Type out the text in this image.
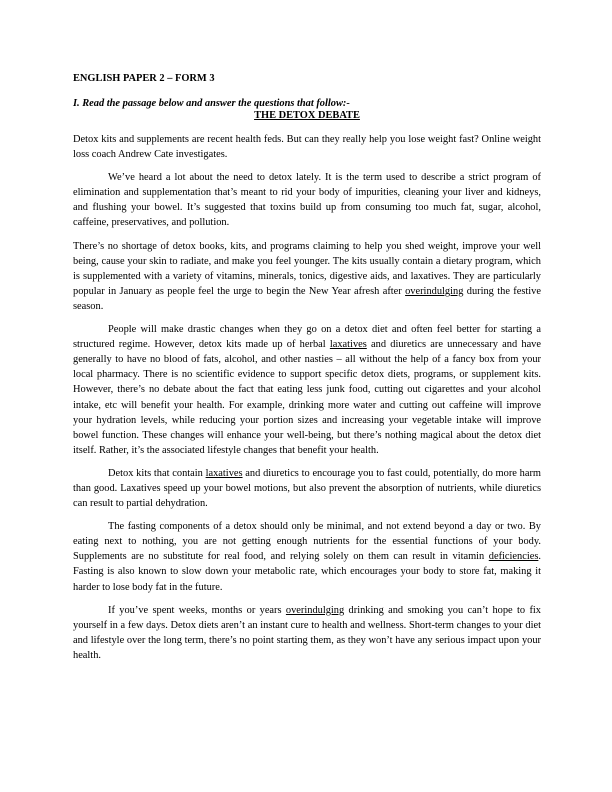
ENGLISH PAPER 2 – FORM 3

I. Read the passage below and answer the questions that follow:-

THE DETOX DEBATE

Detox kits and supplements are recent health feds. But can they really help you lose weight fast? Online weight loss coach Andrew Cate investigates.

We’ve heard a lot about the need to detox lately. It is the term used to describe a strict program of elimination and supplementation that’s meant to rid your body of impurities, cleaning your liver and kidneys, and flushing your bowel. It’s suggested that toxins build up from consuming too much fat, sugar, alcohol, caffeine, preservatives, and pollution.

There’s no shortage of detox books, kits, and programs claiming to help you shed weight, improve your well being, cause your skin to radiate, and make you feel younger. The kits usually contain a dietary program, which is supplemented with a variety of vitamins, minerals, tonics, digestive aids, and laxatives. They are particularly popular in January as people feel the urge to begin the New Year afresh after overindulging during the festive season.

People will make drastic changes when they go on a detox diet and often feel better for starting a structured regime. However, detox kits made up of herbal laxatives and diuretics are unnecessary and have generally to have no blood of fats, alcohol, and other nasties – all without the help of a fancy box from your local pharmacy. There is no scientific evidence to support specific detox diets, programs, or supplement kits. However, there’s no debate about the fact that eating less junk food, cutting out cigarettes and your alcohol intake, etc will benefit your health. For example, drinking more water and cutting out caffeine will improve your hydration levels, while reducing your portion sizes and increasing your vegetable intake will improve bowel function. These changes will enhance your well-being, but there’s nothing magical about the detox diet itself. Rather, it’s the associated lifestyle changes that benefit your health.

Detox kits that contain laxatives and diuretics to encourage you to fast could, potentially, do more harm than good. Laxatives speed up your bowel motions, but also prevent the absorption of nutrients, while diuretics can result to partial dehydration.

The fasting components of a detox should only be minimal, and not extend beyond a day or two. By eating next to nothing, you are not getting enough nutrients for the essential functions of your body. Supplements are no substitute for real food, and relying solely on them can result in vitamin deficiencies. Fasting is also known to slow down your metabolic rate, which encourages your body to store fat, making it harder to lose body fat in the future.

If you’ve spent weeks, months or years overindulging drinking and smoking you can’t hope to fix yourself in a few days. Detox diets aren’t an instant cure to health and wellness. Short-term changes to your diet and lifestyle over the long term, there’s no point starting them, as they won’t have any serious impact upon your health.
